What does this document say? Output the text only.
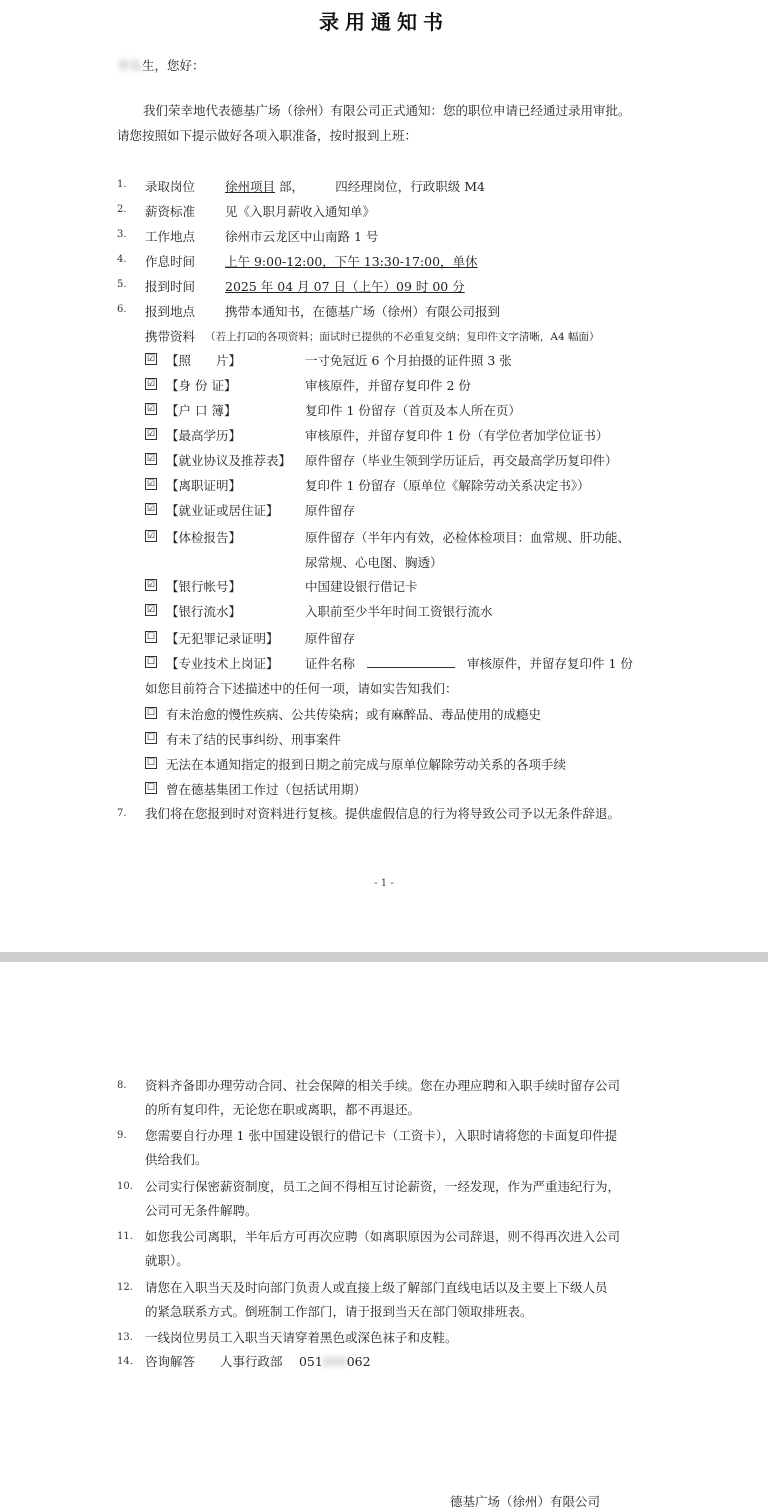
录用通知书
李先生，您好：
我们荣幸地代表德基广场（徐州）有限公司正式通知：您的职位申请已经通过录用审批。
请您按照如下提示做好各项入职准备，按时报到上班：
1.	录取岗位 徐州项目 部，　　　	四经理岗位，行政职级 M4
2.	薪资标准 见《入职月薪收入通知单》
3.	工作地点 徐州市云龙区中山南路 1 号
4.	作息时间 上午 9:00-12:00，下午 13:30-17:00，单休
5.	报到时间 2025 年 04 月 07 日（上午）09 时 00 分
6.	报到地点 携带本通知书，在德基广场（徐州）有限公司报到
携带资料 （若上打☑的各项资料；面试时已提供的不必重复交纳；复印件文字清晰，A4 幅面）
☑ 【照　　片】	一寸免冠近 6 个月拍摄的证件照 3 张
☑ 【身 份 证】	审核原件，并留存复印件 2 份
☑ 【户 口 簿】	复印件 1 份留存（首页及本人所在页）
☑ 【最高学历】	审核原件，并留存复印件 1 份（有学位者加学位证书）
☑ 【就业协议及推荐表】 原件留存（毕业生领到学历证后，再交最高学历复印件）
☑ 【离职证明】	复印件 1 份留存（原单位《解除劳动关系决定书》）
☑ 【就业证或居住证】 原件留存
☑ 【体检报告】	原件留存（半年内有效，必检体检项目：血常规、肝功能、
尿常规、心电图、胸透）
☑ 【银行帐号】	中国建设银行借记卡
☑ 【银行流水】	入职前至少半年时间工资银行流水
☐ 【无犯罪记录证明】 原件留存
☐ 【专业技术上岗证】 证件名称	审核原件，并留存复印件 1 份
如您目前符合下述描述中的任何一项，请如实告知我们：
☐ 有未治愈的慢性疾病、公共传染病；或有麻醉品、毒品使用的成瘾史
☐ 有未了结的民事纠纷、刑事案件
☐ 无法在本通知指定的报到日期之前完成与原单位解除劳动关系的各项手续
☐ 曾在德基集团工作过（包括试用期）
7.	我们将在您报到时对资料进行复核。提供虚假信息的行为将导致公司予以无条件辞退。
- 1 -
8.	资料齐备即办理劳动合同、社会保障的相关手续。您在办理应聘和入职手续时留存公司
的所有复印件，无论您在职或离职，都不再退还。
9.	您需要自行办理 1 张中国建设银行的借记卡（工资卡），入职时请将您的卡面复印件提
供给我们。
10. 公司实行保密薪资制度，员工之间不得相互讨论薪资，一经发现，作为严重违纪行为，
公司可无条件解聘。
11. 如您我公司离职，半年后方可再次应聘（如离职原因为公司辞退，则不得再次进入公司
就职）。
12. 请您在入职当天及时向部门负责人或直接上级了解部门直线电话以及主要上下级人员
的紧急联系方式。倒班制工作部门，请于报到当天在部门领取排班表。
13. 一线岗位男员工入职当天请穿着黑色或深色袜子和皮鞋。
14. 咨询解答　　人事行政部　 051000062
德基广场（徐州）有限公司
